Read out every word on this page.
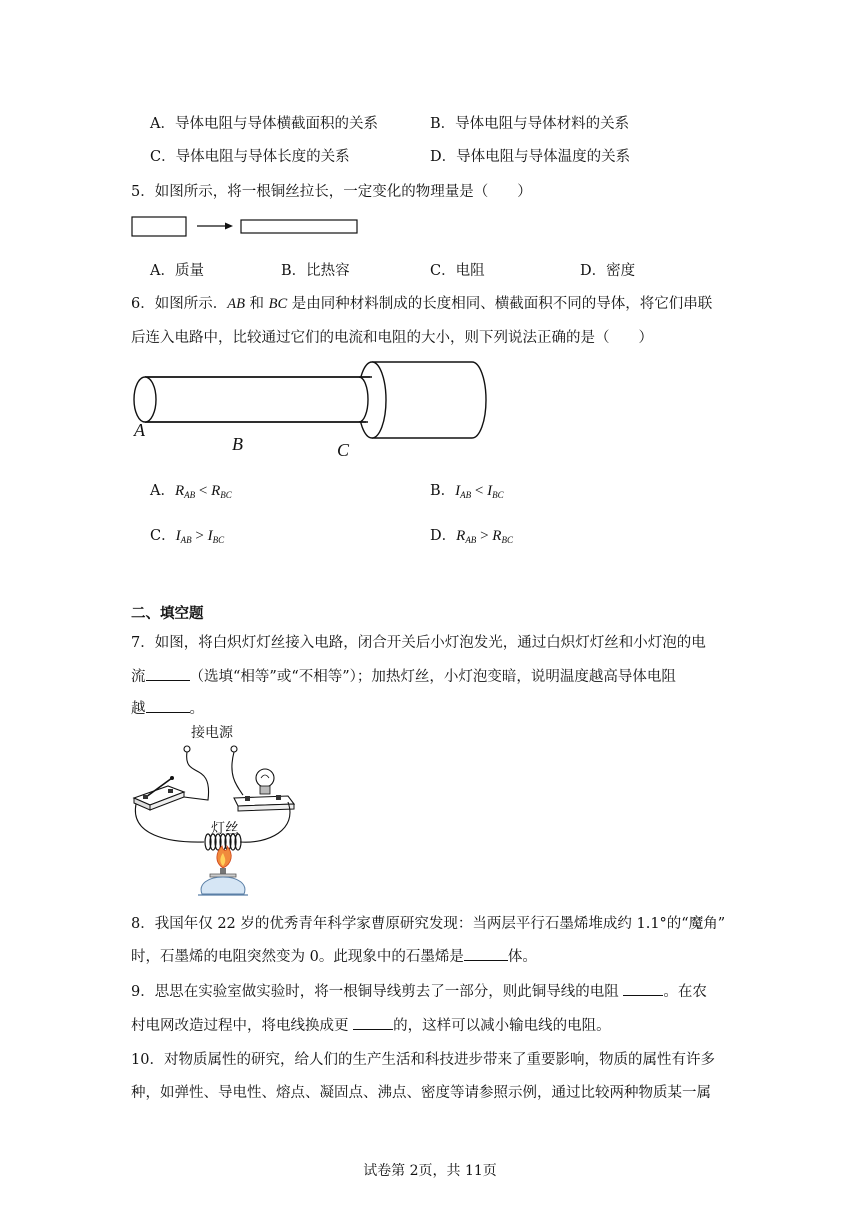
A．导体电阻与导体横截面积的关系	B．导体电阻与导体材料的关系
C．导体电阻与导体长度的关系	D．导体电阻与导体温度的关系
5．如图所示，将一根铜丝拉长，一定变化的物理量是（　　）
A．质量	B．比热容	C．电阻	D．密度
6．如图所示．AB 和 BC 是由同种材料制成的长度相同、横截面积不同的导体，将它们串联
后连入电路中，比较通过它们的电流和电阻的大小，则下列说法正确的是（　　）
A
B	C
A．$R_{AB} < R_{BC}$	B．$I_{AB} < I_{BC}$
C．$I_{AB} > I_{BC}$	D．$R_{AB} > R_{BC}$
二、填空题
7．如图，将白炽灯灯丝接入电路，闭合开关后小灯泡发光，通过白炽灯灯丝和小灯泡的电
流	（选填“相等”或“不相等”）；加热灯丝，小灯泡变暗，说明温度越高导体电阻
越	。
接电源
灯丝
8．我国年仅 22 岁的优秀青年科学家曹原研究发现：当两层平行石墨烯堆成约 1.1°的“魔角”
时，石墨烯的电阻突然变为 0。此现象中的石墨烯是	体。
9．思思在实验室做实验时，将一根铜导线剪去了一部分，则此铜导线的电阻	。在农
村电网改造过程中，将电线换成更	的，这样可以减小输电线的电阻。
10．对物质属性的研究，给人们的生产生活和科技进步带来了重要影响，物质的属性有许多
种，如弹性、导电性、熔点、凝固点、沸点、密度等请参照示例，通过比较两种物质某一属
试卷第 2页，共 11页
